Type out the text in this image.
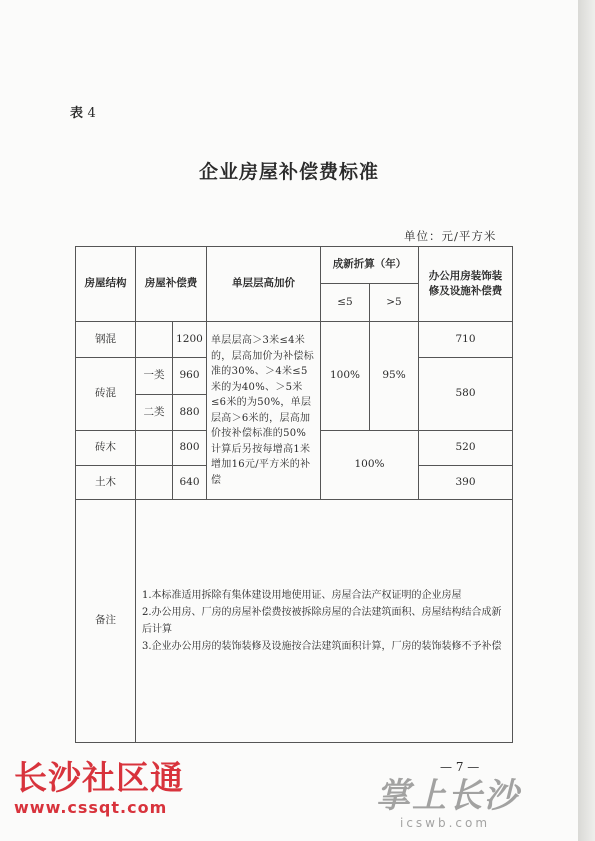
表 4
企业房屋补偿费标准
单位：元/平方米
房屋结构	房屋补偿费		单层层高加价	成新折算（年）		办公用房装饰装修及设施补偿费
				≤5	>5	
钢混		1200	单层层高＞3米≤4米的，层高加价为补偿标准的30%、＞4米≤5米的为40%、＞5米≤6米的为50%，单层层高＞6米的，层高加价按补偿标准的50%计算后另按每增高1米增加16元/平方米的补偿	100%	95%	710
砖混	一类	960				580
	二类	880				
砖木		800		100%		520
土木		640				390
备注	1.本标准适用拆除有集体建设用地使用证、房屋合法产权证明的企业房屋
2.办公用房、厂房的房屋补偿费按被拆除房屋的合法建筑面积、房屋结构结合成新后计算
3.企业办公用房的装饰装修及设施按合法建筑面积计算，厂房的装饰装修不予补偿					
— 7 —
长沙社区通
www.cssqt.com	掌上长沙
icswb.com
